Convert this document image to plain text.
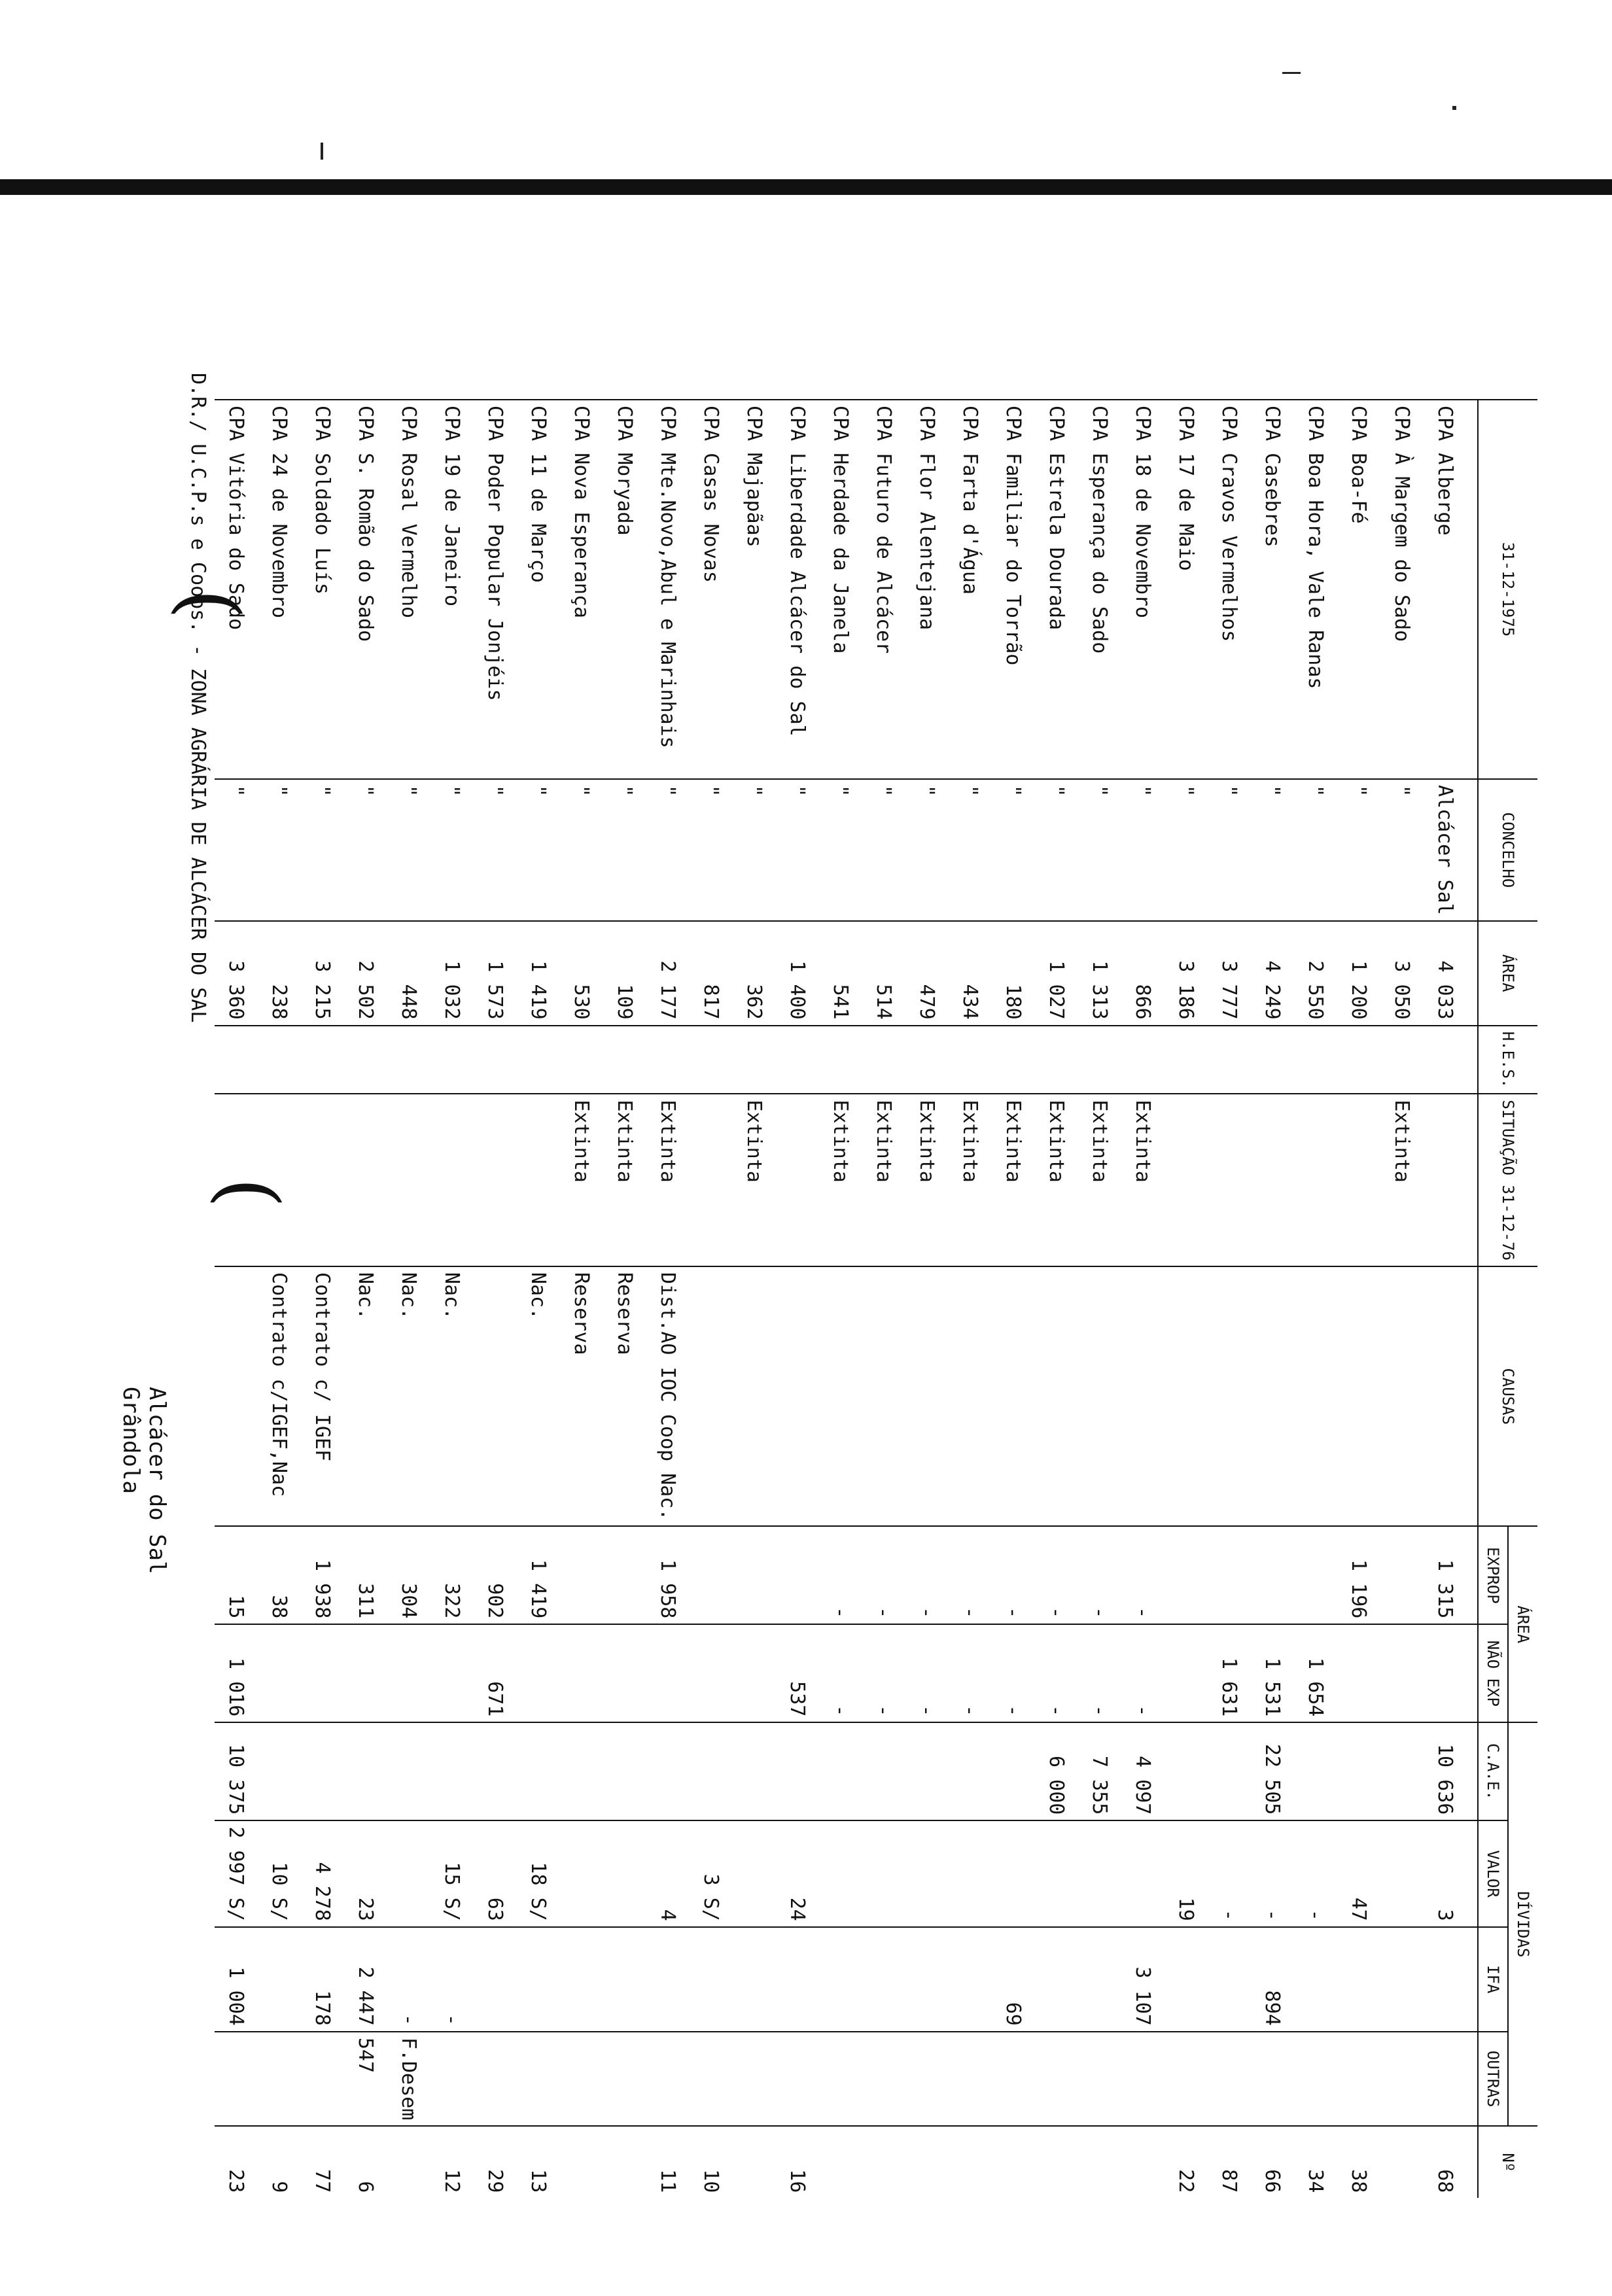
D.R./ U.C.P.s e Coops. - ZONA AGRÁRIA DE ALCÁCER DO SAL
Alcácer do Sal
Grândola
(
(
31-12-1975	CONCELHO	ÁREA	H.E.S.	SITUAÇÃO 31-12-76	CAUSAS	ÁREA		DÍVIDAS				Nº
						EXPROP	NÃO EXP	C.A.E.	VALOR	IFA	OUTRAS	
CPA Alberge	Alcácer Sal	4 033				1 315		10 636	3			68
CPA À Margem do Sado	"	3 050		Extinta								
CPA Boa-Fé	"	1 200				1 196			47			38
CPA Boa Hora, Vale Ranas	"	2 550					1 654		-			34
CPA Casebres	"	4 249					1 531	22 505	-	894		66
CPA Cravos Vermelhos	"	3 777					1 631		-			87
CPA 17 de Maio	"	3 186							19			22
CPA 18 de Novembro	"	866		Extinta		-	-	4 097		3 107		
CPA Esperança do Sado	"	1 313		Extinta		-	-	7 355				
CPA Estrela Dourada	"	1 027		Extinta		-	-	6 000				
CPA Familiar do Torrão	"	180		Extinta		-	-			69		
CPA Farta d'Água	"	434		Extinta		-	-					
CPA Flor Alentejana	"	479		Extinta		-	-					
CPA Futuro de Alcácer	"	514		Extinta		-	-					
CPA Herdade da Janela	"	541		Extinta		-	-					
CPA Liberdade Alcácer do Sal	"	1 400					537		24			16
CPA Majapãas	"	362		Extinta								
CPA Casas Novas	"	817							3 S/			10
CPA Mte.Novo,Abul e Marinhais	"	2 177		Extinta	Dist.AO IOC Coop Nac.	1 958			4			11
CPA Moryada	"	109		Extinta	Reserva							
CPA Nova Esperança	"	530		Extinta	Reserva							
CPA 11 de Março	"	1 419			Nac.	1 419			18 S/			13
CPA Poder Popular Jonjéis	"	1 573				902	671		63			29
CPA 19 de Janeiro	"	1 032			Nac.	322			15 S/	-		12
CPA Rosal Vermelho	"	448			Nac.	304				-	F.Desem	
CPA S. Romão do Sado	"	2 502			Nac.	311			23	2 447	547	6
CPA Soldado Luís	"	3 215			Contrato c/ IGEF	1 938			4 278	178		77
CPA 24 de Novembro	"	238			Contrato c/IGEF,Nac	38			10 S/			9
CPA Vitória do Sado	"	3 360				15	1 016	10 375	2 997 S/	1 004		23
